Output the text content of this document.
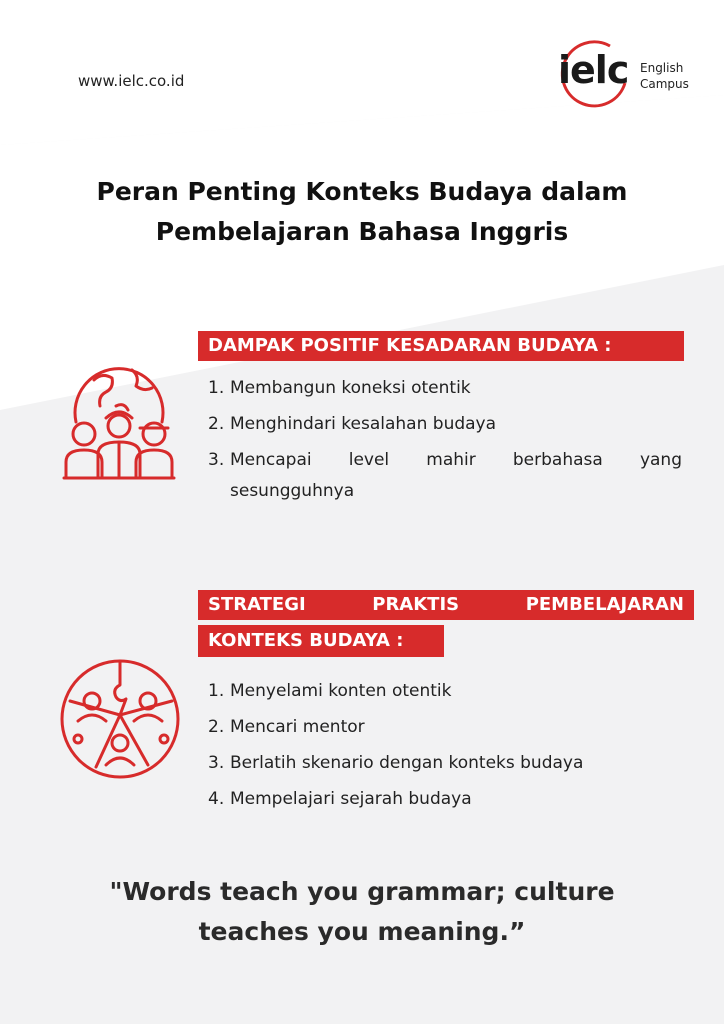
www.ielc.co.id	ielc English
Campus
Peran Penting Konteks Budaya dalam
Pembelajaran Bahasa Inggris
DAMPAK POSITIF KESADARAN BUDAYA :
1. Membangun koneksi otentik
2. Menghindari kesalahan budaya
3. Mencapai level mahir berbahasa yang
sesungguhnya
STRATEGI	PRAKTIS	PEMBELAJARAN
KONTEKS BUDAYA :
1. Menyelami konten otentik
2. Mencari mentor
3. Berlatih skenario dengan konteks budaya
4. Mempelajari sejarah budaya
"Words teach you grammar; culture
teaches you meaning.”
